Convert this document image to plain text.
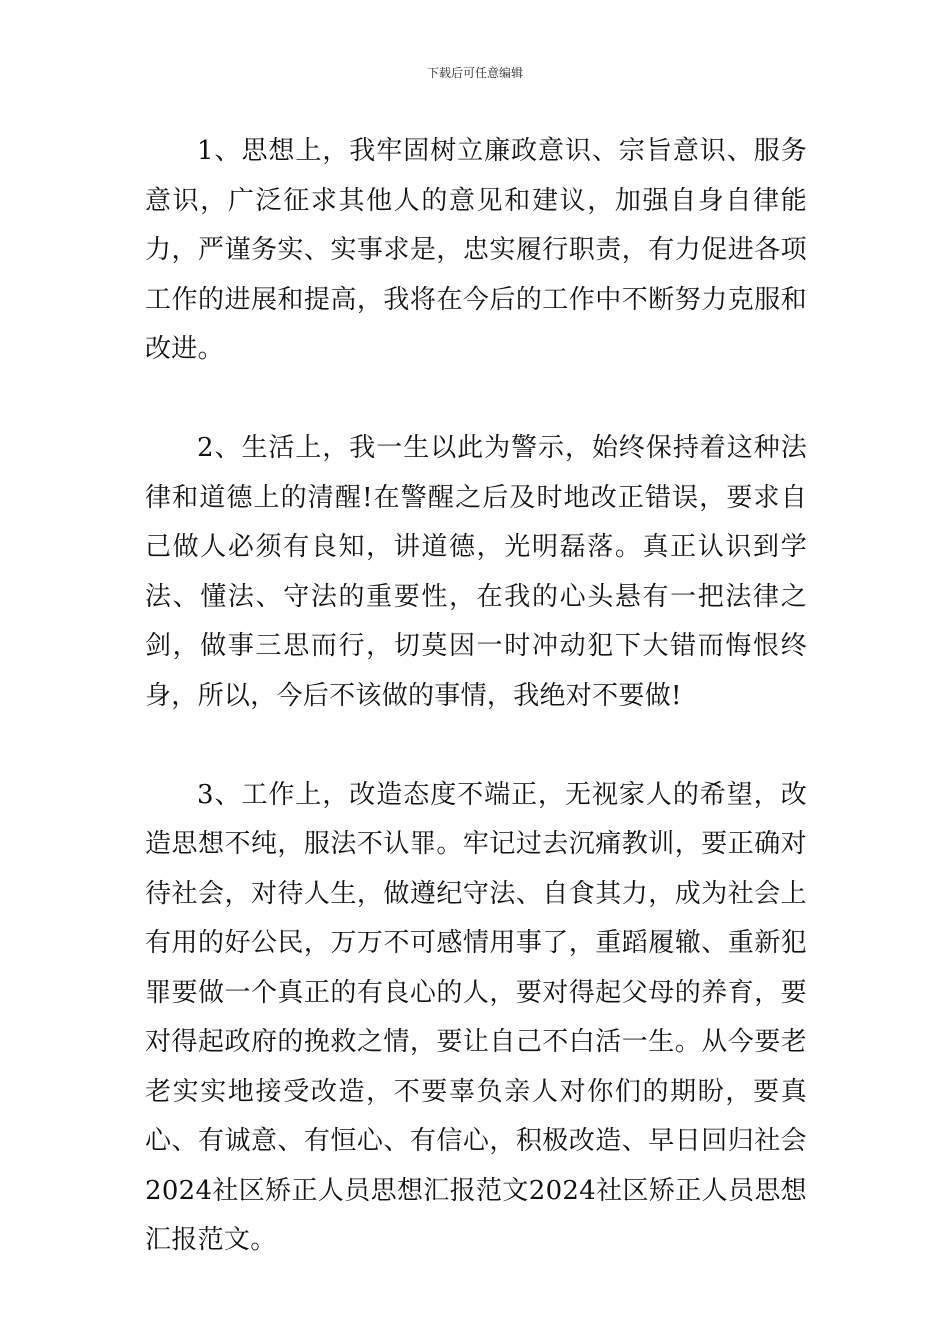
下载后可任意编辑

1、思想上，我牢固树立廉政意识、宗旨意识、服务意识，广泛征求其他人的意见和建议，加强自身自律能力，严谨务实、实事求是，忠实履行职责，有力促进各项工作的进展和提高，我将在今后的工作中不断努力克服和改进。

2、生活上，我一生以此为警示，始终保持着这种法律和道德上的清醒!在警醒之后及时地改正错误，要求自己做人必须有良知，讲道德，光明磊落。真正认识到学法、懂法、守法的重要性，在我的心头悬有一把法律之剑，做事三思而行，切莫因一时冲动犯下大错而悔恨终身，所以，今后不该做的事情，我绝对不要做!

3、工作上，改造态度不端正，无视家人的希望，改造思想不纯，服法不认罪。牢记过去沉痛教训，要正确对待社会，对待人生，做遵纪守法、自食其力，成为社会上有用的好公民，万万不可感情用事了，重蹈履辙、重新犯罪要做一个真正的有良心的人，要对得起父母的养育，要对得起政府的挽救之情，要让自己不白活一生。从今要老老实实地接受改造，不要辜负亲人对你们的期盼，要真心、有诚意、有恒心、有信心，积极改造、早日回归社会2024社区矫正人员思想汇报范文2024社区矫正人员思想汇报范文。
